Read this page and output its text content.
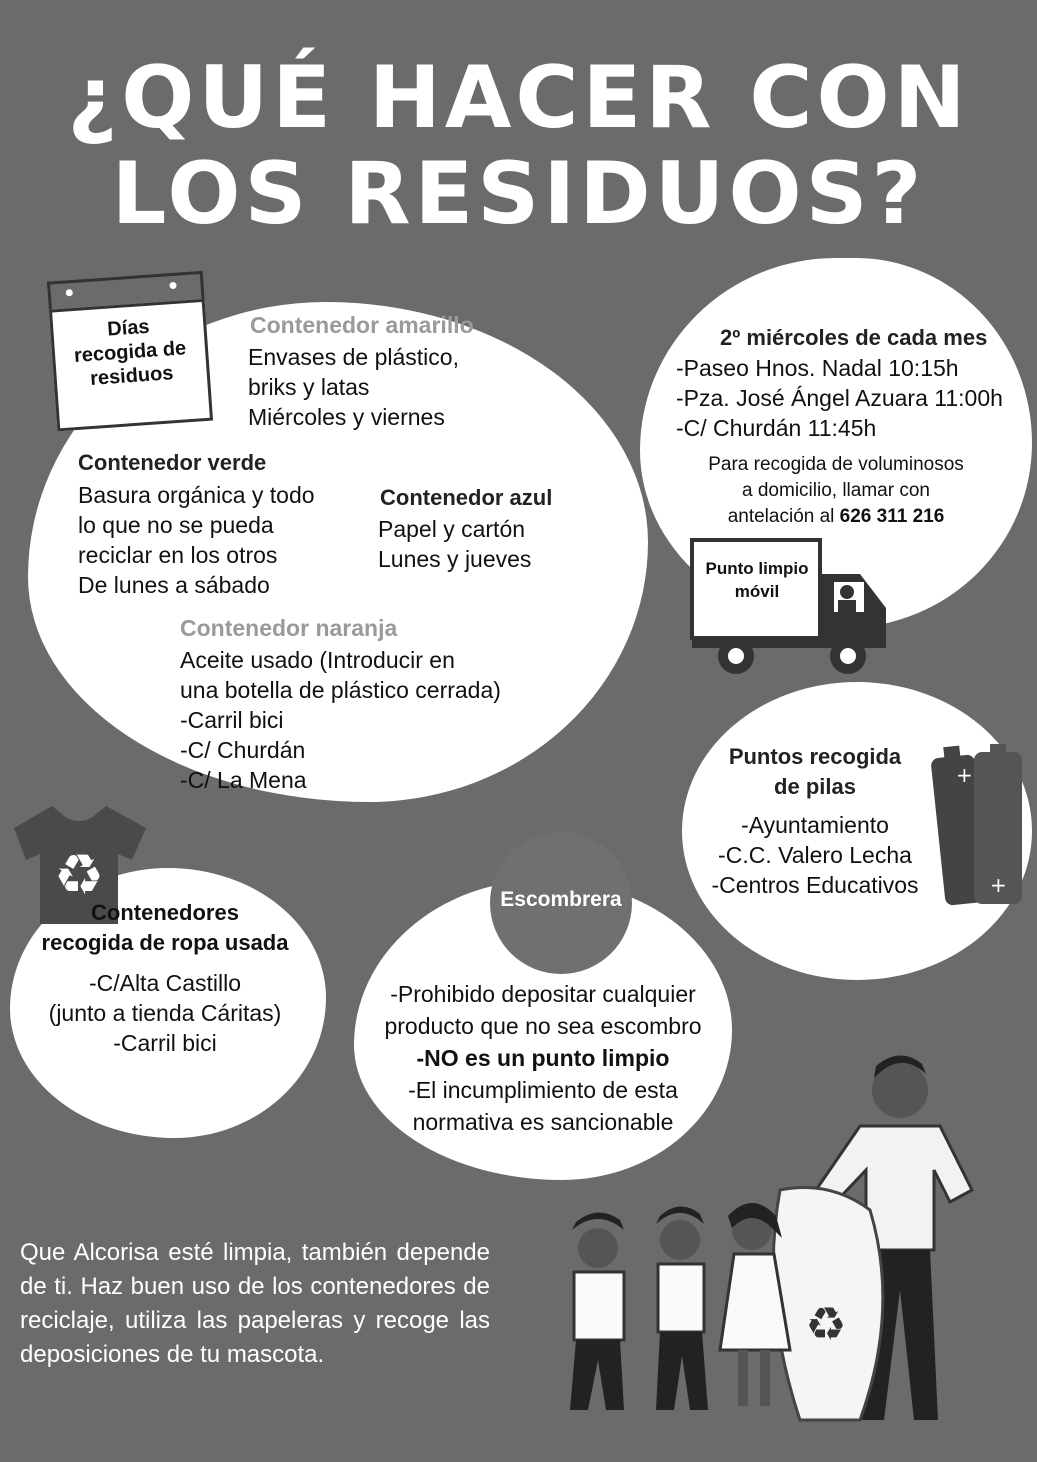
¿QUÉ HACER CON
LOS RESIDUOS?
Días
recogida de
residuos
Contenedor amarillo
Envases de plástico,
briks y latas
Miércoles y viernes
Contenedor verde
Basura orgánica y todo
lo que no se pueda
reciclar en los otros
De lunes a sábado
Contenedor azul
Papel y cartón
Lunes y jueves
Contenedor naranja
Aceite usado (Introducir en
una botella de plástico cerrada)
-Carril bici
-C/ Churdán
-C/ La Mena
2º miércoles de cada mes
-Paseo Hnos. Nadal 10:15h
-Pza. José Ángel Azuara 11:00h
-C/ Churdán 11:45h
Para recogida de voluminosos
a domicilio, llamar con
antelación al 626 311 216
Punto limpio
móvil
Puntos recogida
de pilas
-Ayuntamiento
-C.C. Valero Lecha
-Centros Educativos
+
+
♻
Contenedores
recogida de ropa usada
-C/Alta Castillo
(junto a tienda Cáritas)
-Carril bici
Escombrera
-Prohibido depositar cualquier
producto que no sea escombro
-NO es un punto limpio
-El incumplimiento de esta
normativa es sancionable
Que Alcorisa esté limpia, también depende de ti. Haz buen uso de los contenedores de reciclaje, utiliza las papeleras y recoge las deposiciones de tu mascota.
♻
